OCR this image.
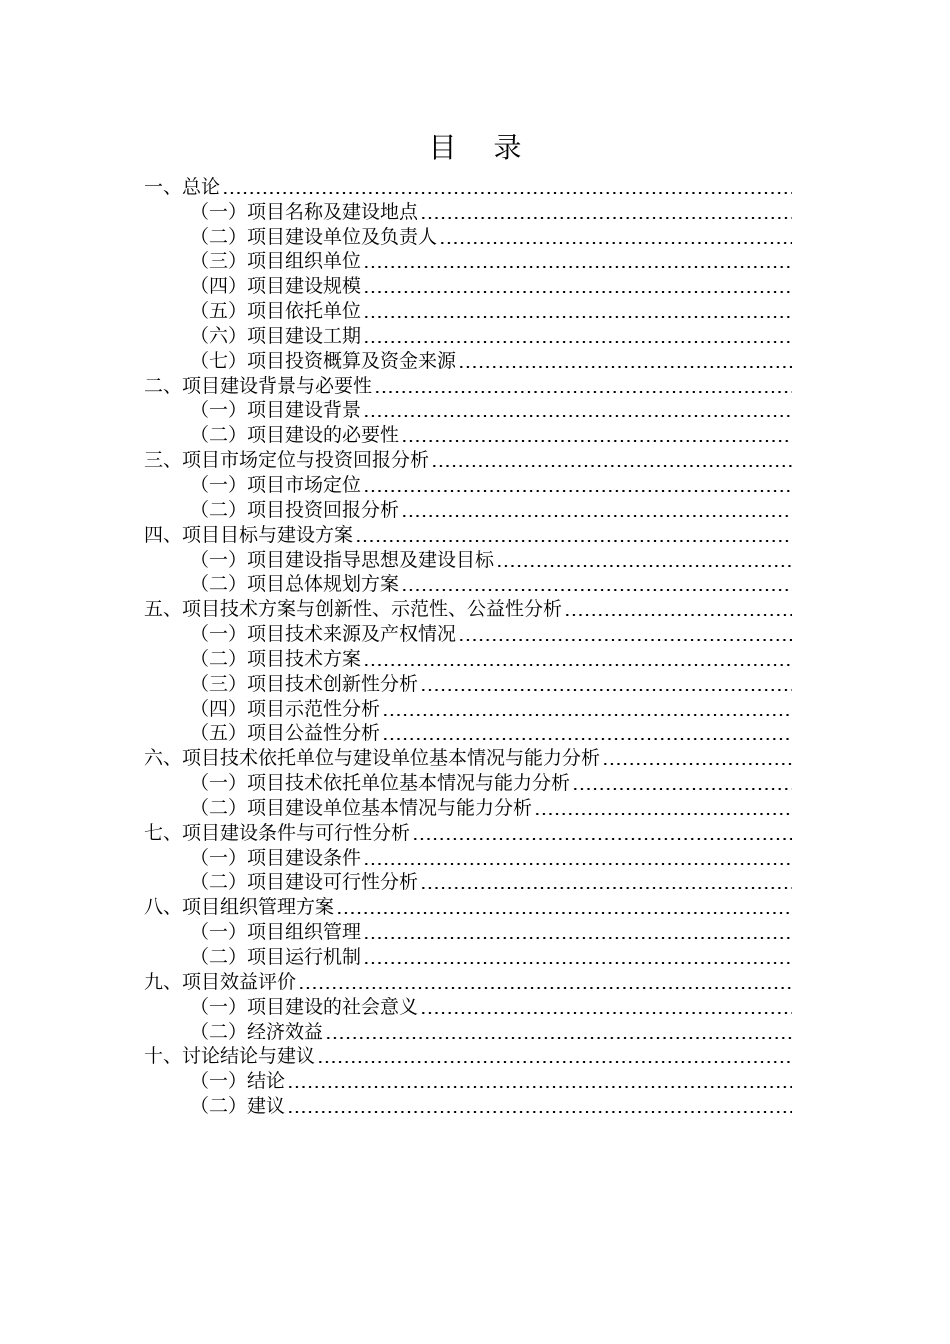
目 录
一、总论
（一）项目名称及建设地点
（二）项目建设单位及负责人
（三）项目组织单位
（四）项目建设规模
（五）项目依托单位
（六）项目建设工期
（七）项目投资概算及资金来源
二、项目建设背景与必要性
（一）项目建设背景
（二）项目建设的必要性
三、项目市场定位与投资回报分析
（一）项目市场定位
（二）项目投资回报分析
四、项目目标与建设方案
（一）项目建设指导思想及建设目标
（二）项目总体规划方案
五、项目技术方案与创新性、示范性、公益性分析
（一）项目技术来源及产权情况
（二）项目技术方案
（三）项目技术创新性分析
（四）项目示范性分析
（五）项目公益性分析
六、项目技术依托单位与建设单位基本情况与能力分析
（一）项目技术依托单位基本情况与能力分析
（二）项目建设单位基本情况与能力分析
七、项目建设条件与可行性分析
（一）项目建设条件
（二）项目建设可行性分析
八、项目组织管理方案
（一）项目组织管理
（二）项目运行机制
九、项目效益评价
（一）项目建设的社会意义
（二）经济效益
十、讨论结论与建议
（一）结论
（二）建议
